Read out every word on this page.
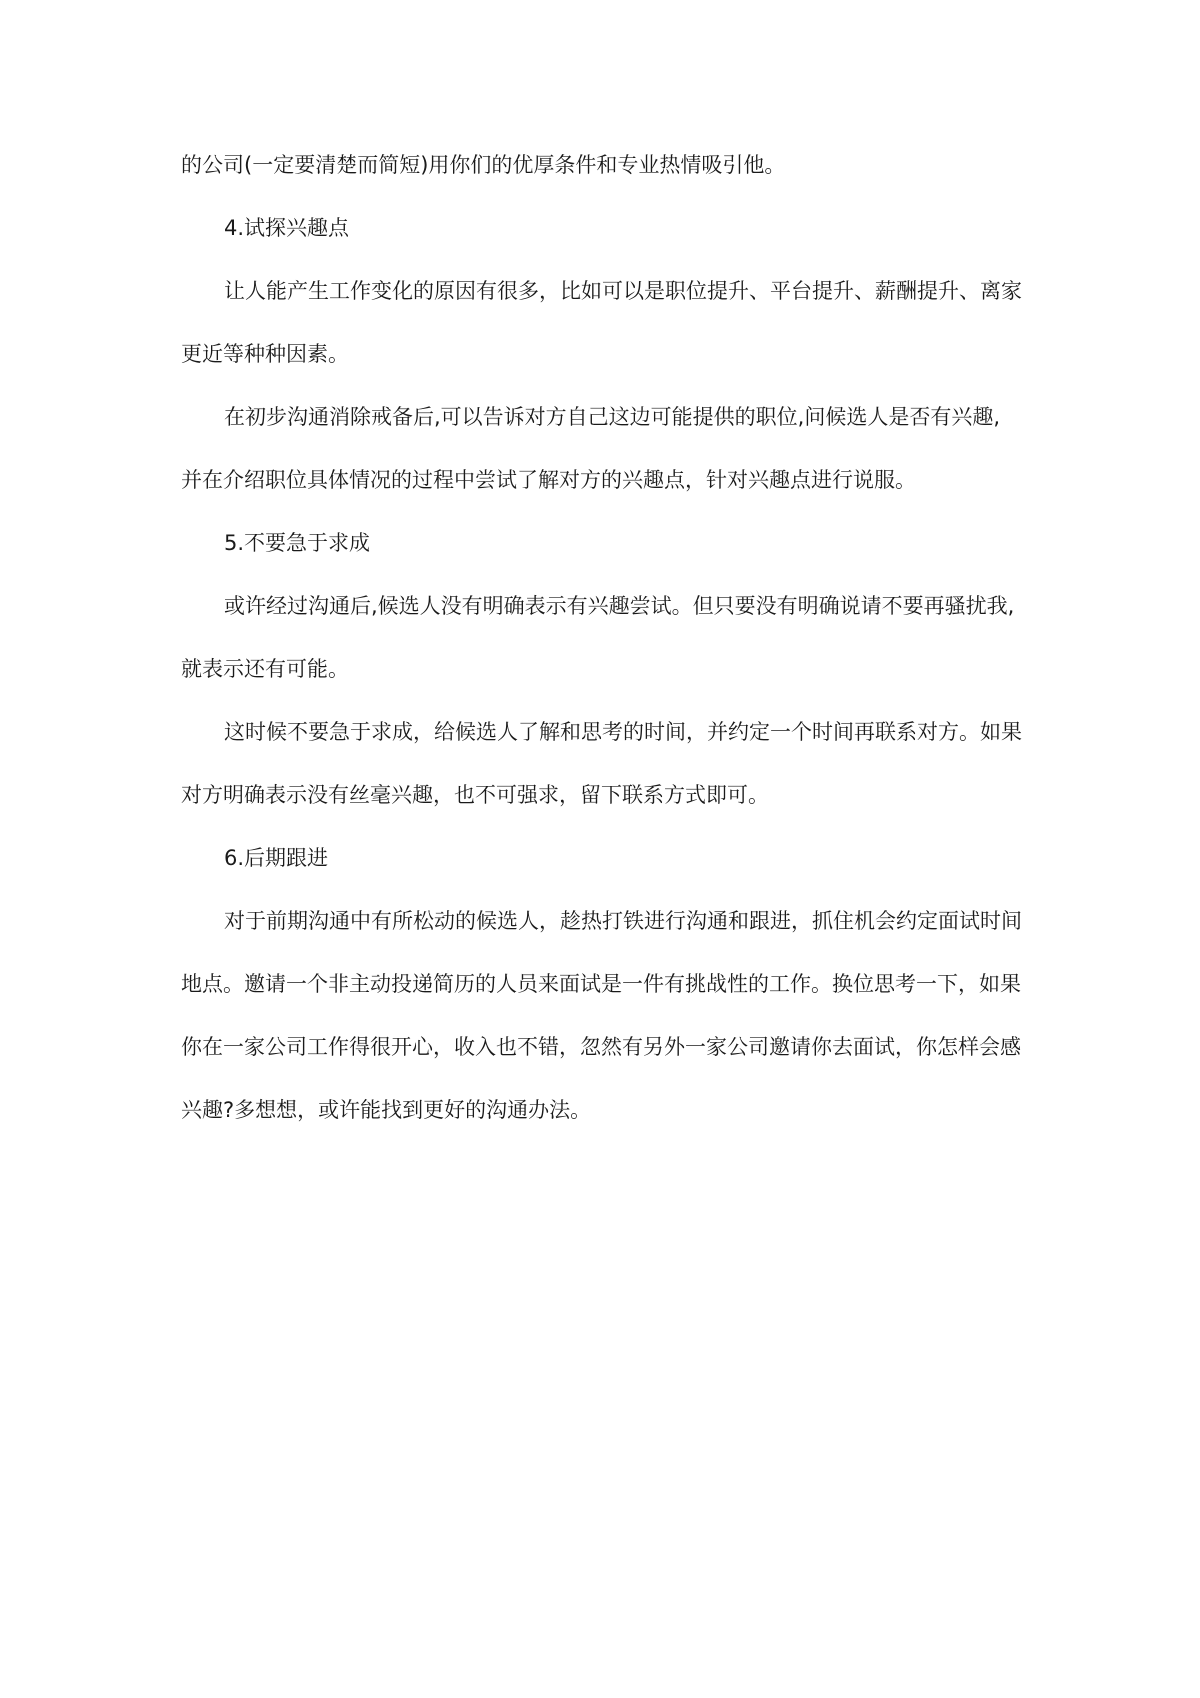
的公司(一定要清楚而简短)用你们的优厚条件和专业热情吸引他。
4.试探兴趣点
让人能产生工作变化的原因有很多，比如可以是职位提升、平台提升、薪酬提升、离家
更近等种种因素。
在初步沟通消除戒备后,可以告诉对方自己这边可能提供的职位,问候选人是否有兴趣,
并在介绍职位具体情况的过程中尝试了解对方的兴趣点，针对兴趣点进行说服。
5.不要急于求成
或许经过沟通后,候选人没有明确表示有兴趣尝试。但只要没有明确说请不要再骚扰我,
就表示还有可能。
这时候不要急于求成，给候选人了解和思考的时间，并约定一个时间再联系对方。如果
对方明确表示没有丝毫兴趣，也不可强求，留下联系方式即可。
6.后期跟进
对于前期沟通中有所松动的候选人，趁热打铁进行沟通和跟进，抓住机会约定面试时间
地点。邀请一个非主动投递简历的人员来面试是一件有挑战性的工作。换位思考一下，如果
你在一家公司工作得很开心，收入也不错，忽然有另外一家公司邀请你去面试，你怎样会感
兴趣?多想想，或许能找到更好的沟通办法。
